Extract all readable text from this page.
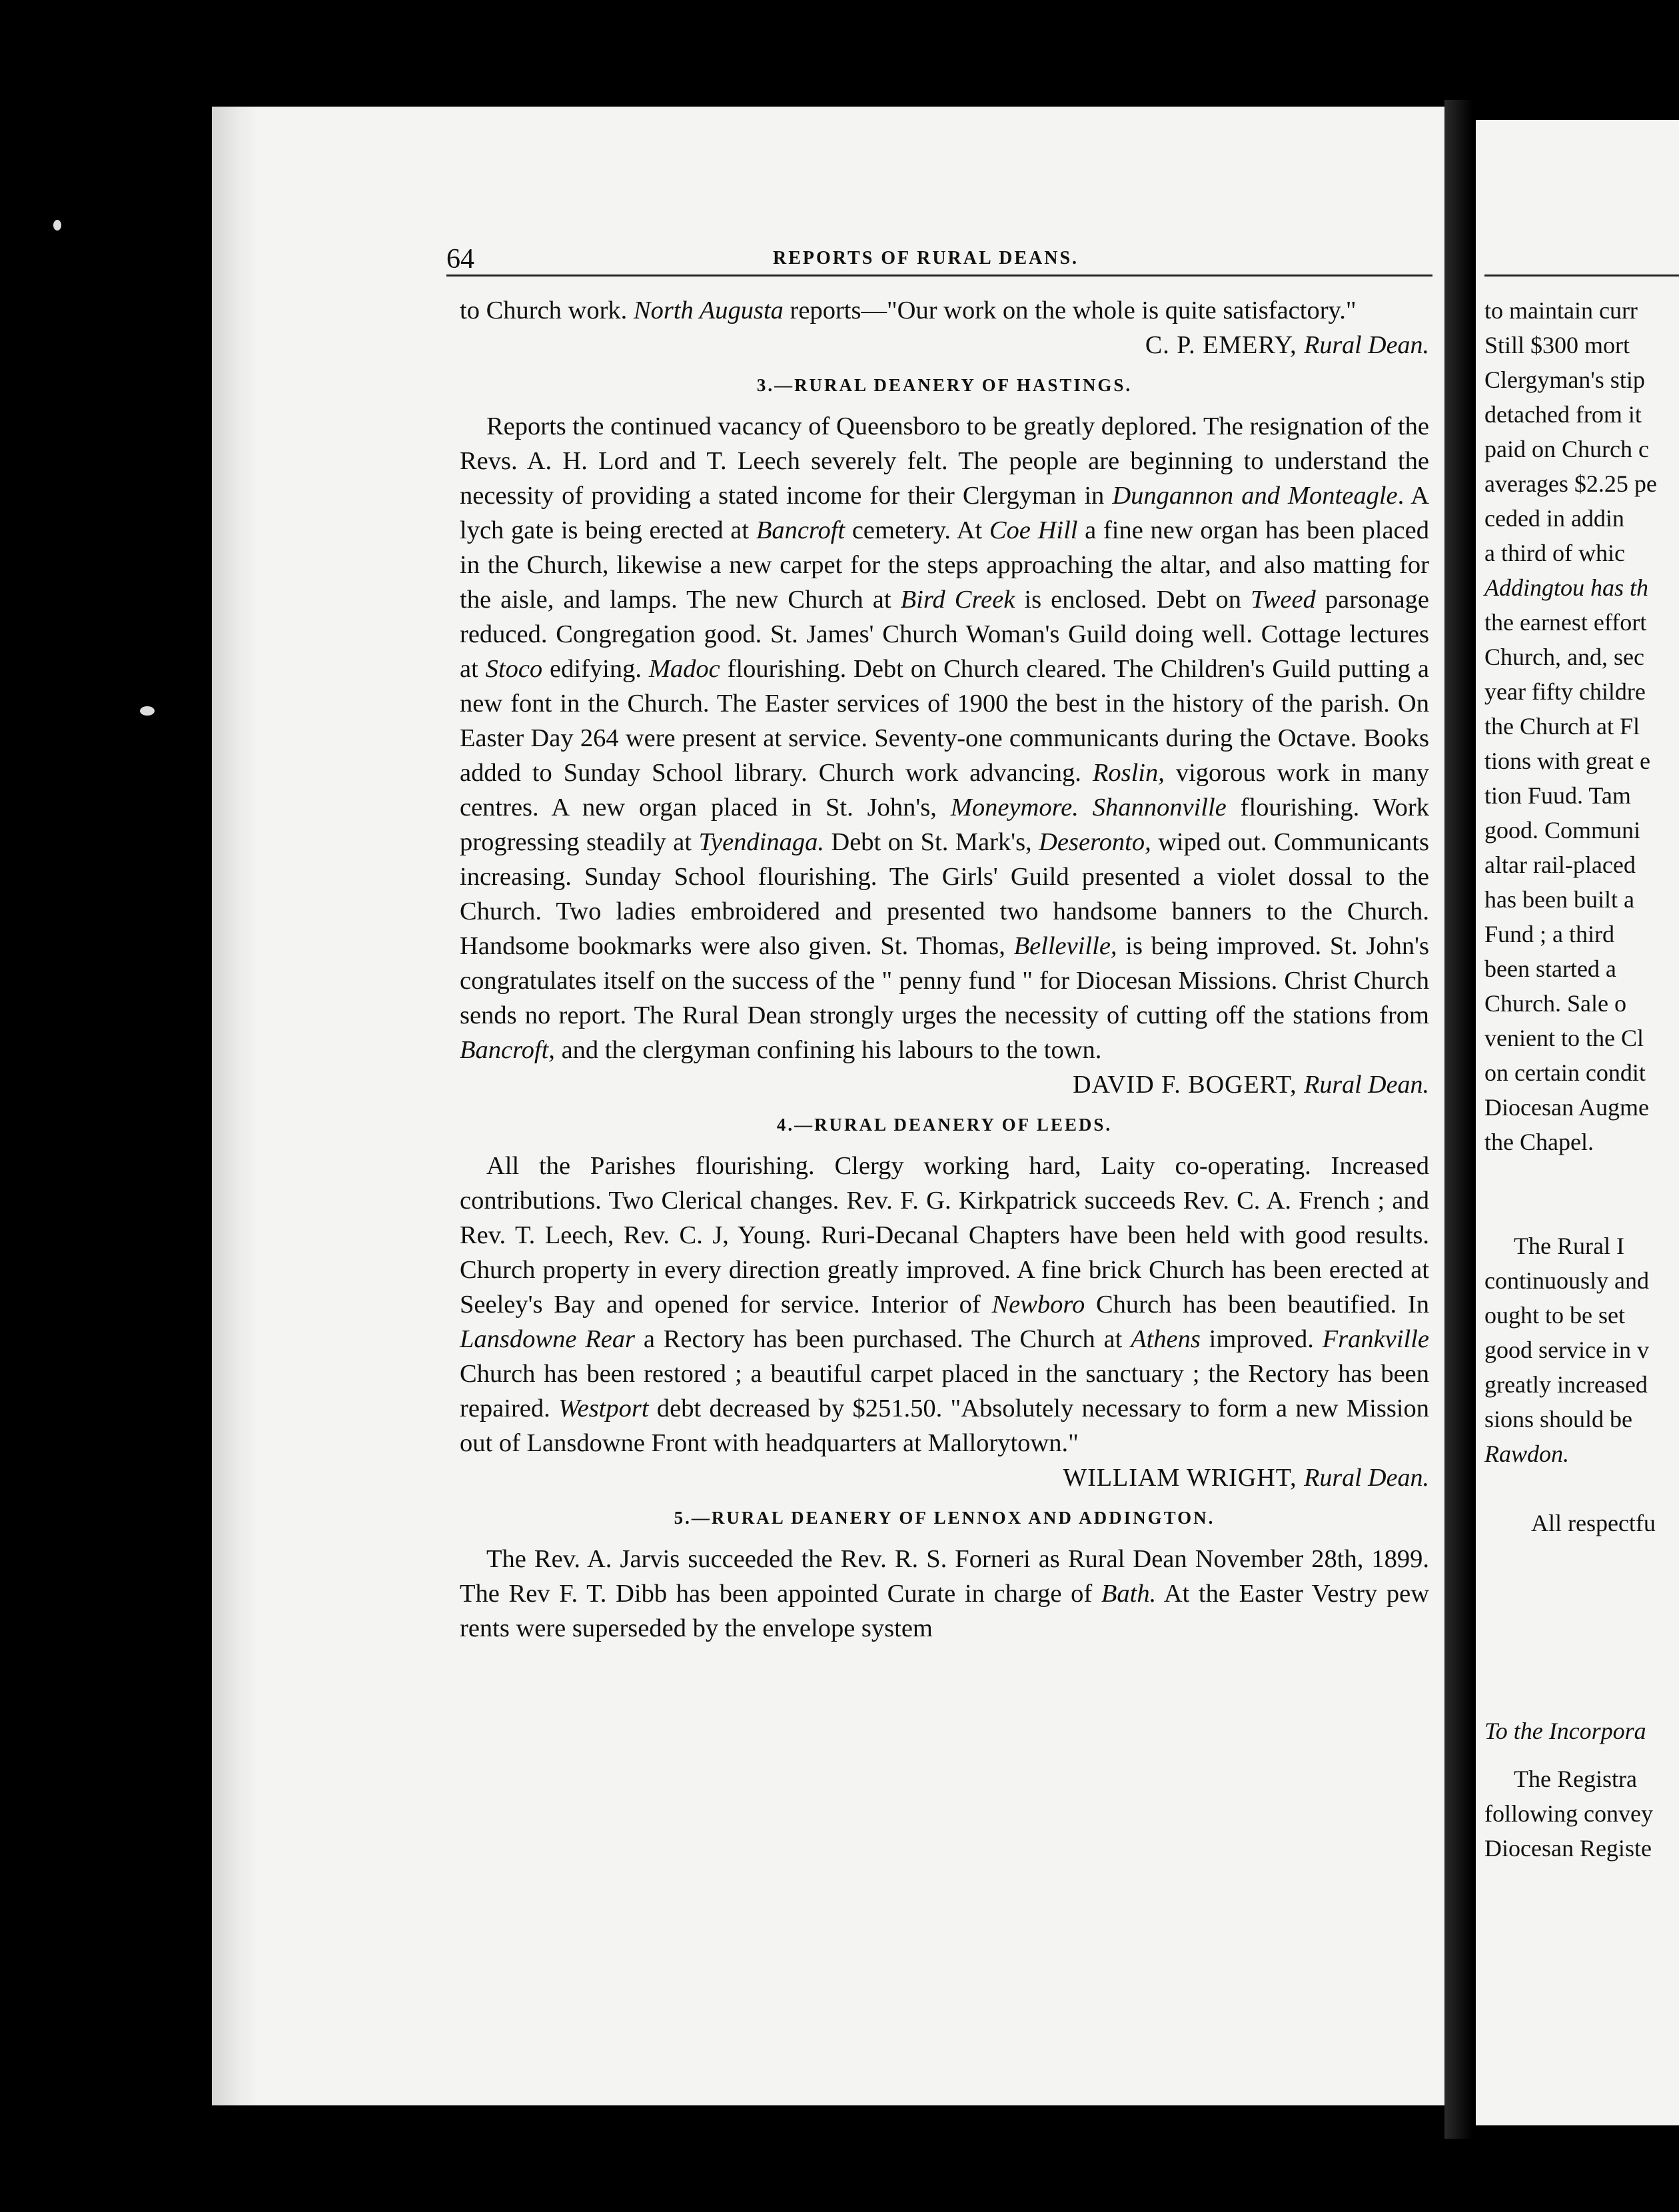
64	REPORTS OF RURAL DEANS.

to Church work. North Augusta reports—"Our work on the whole is quite satisfactory."

C. P. EMERY, Rural Dean.

3.—RURAL DEANERY OF HASTINGS.

Reports the continued vacancy of Queensboro to be greatly deplored. The resignation of the Revs. A. H. Lord and T. Leech severely felt. The people are beginning to understand the necessity of providing a stated income for their Clergyman in Dungannon and Monteagle. A lych gate is being erected at Bancroft cemetery. At Coe Hill a fine new organ has been placed in the Church, likewise a new carpet for the steps approaching the altar, and also matting for the aisle, and lamps. The new Church at Bird Creek is enclosed. Debt on Tweed parsonage reduced. Congregation good. St. James' Church Woman's Guild doing well. Cottage lectures at Stoco edifying. Madoc flourishing. Debt on Church cleared. The Children's Guild putting a new font in the Church. The Easter services of 1900 the best in the history of the parish. On Easter Day 264 were present at service. Seventy-one communicants during the Octave. Books added to Sunday School library. Church work advancing. Roslin, vigorous work in many centres. A new organ placed in St. John's, Moneymore. Shannonville flourishing. Work progressing steadily at Tyendinaga. Debt on St. Mark's, Deseronto, wiped out. Communicants increasing. Sunday School flourishing. The Girls' Guild presented a violet dossal to the Church. Two ladies embroidered and presented two handsome banners to the Church. Handsome bookmarks were also given. St. Thomas, Belleville, is being improved. St. John's congratulates itself on the success of the " penny fund " for Diocesan Missions. Christ Church sends no report. The Rural Dean strongly urges the necessity of cutting off the stations from Bancroft, and the clergyman confining his labours to the town.

DAVID F. BOGERT, Rural Dean.

4.—RURAL DEANERY OF LEEDS.

All the Parishes flourishing. Clergy working hard, Laity co-operating. Increased contributions. Two Clerical changes. Rev. F. G. Kirkpatrick succeeds Rev. C. A. French ; and Rev. T. Leech, Rev. C. J, Young. Ruri-Decanal Chapters have been held with good results. Church property in every direction greatly improved. A fine brick Church has been erected at Seeley's Bay and opened for service. Interior of Newboro Church has been beautified. In Lansdowne Rear a Rectory has been purchased. The Church at Athens improved. Frankville Church has been restored ; a beautiful carpet placed in the sanctuary ; the Rectory has been repaired. Westport debt decreased by $251.50. "Absolutely necessary to form a new Mission out of Lansdowne Front with headquarters at Mallorytown."

WILLIAM WRIGHT, Rural Dean.

5.—RURAL DEANERY OF LENNOX AND ADDINGTON.

The Rev. A. Jarvis succeeded the Rev. R. S. Forneri as Rural Dean November 28th, 1899. The Rev F. T. Dibb has been appointed Curate in charge of Bath. At the Easter Vestry pew rents were superseded by the envelope system

to maintain curr
Still $300 mort
Clergyman's stip
detached from it
paid on Church c
averages $2.25 pe
ceded in addin
a third of whic
Addingtou has th
the earnest effort
Church, and, sec
year fifty childre
the Church at Fl
tions with great e
tion Fuud. Tam
good. Communi
altar rail-placed
has been built a
Fund ; a third
been started a
Church. Sale o
venient to the Cl
on certain condit
Diocesan Augme
the Chapel.
The Rural I
continuously and
ought to be set
good service in v
greatly increased
sions should be
Rawdon.
All respectfu
To the Incorpora
The Registra
following convey
Diocesan Registe
